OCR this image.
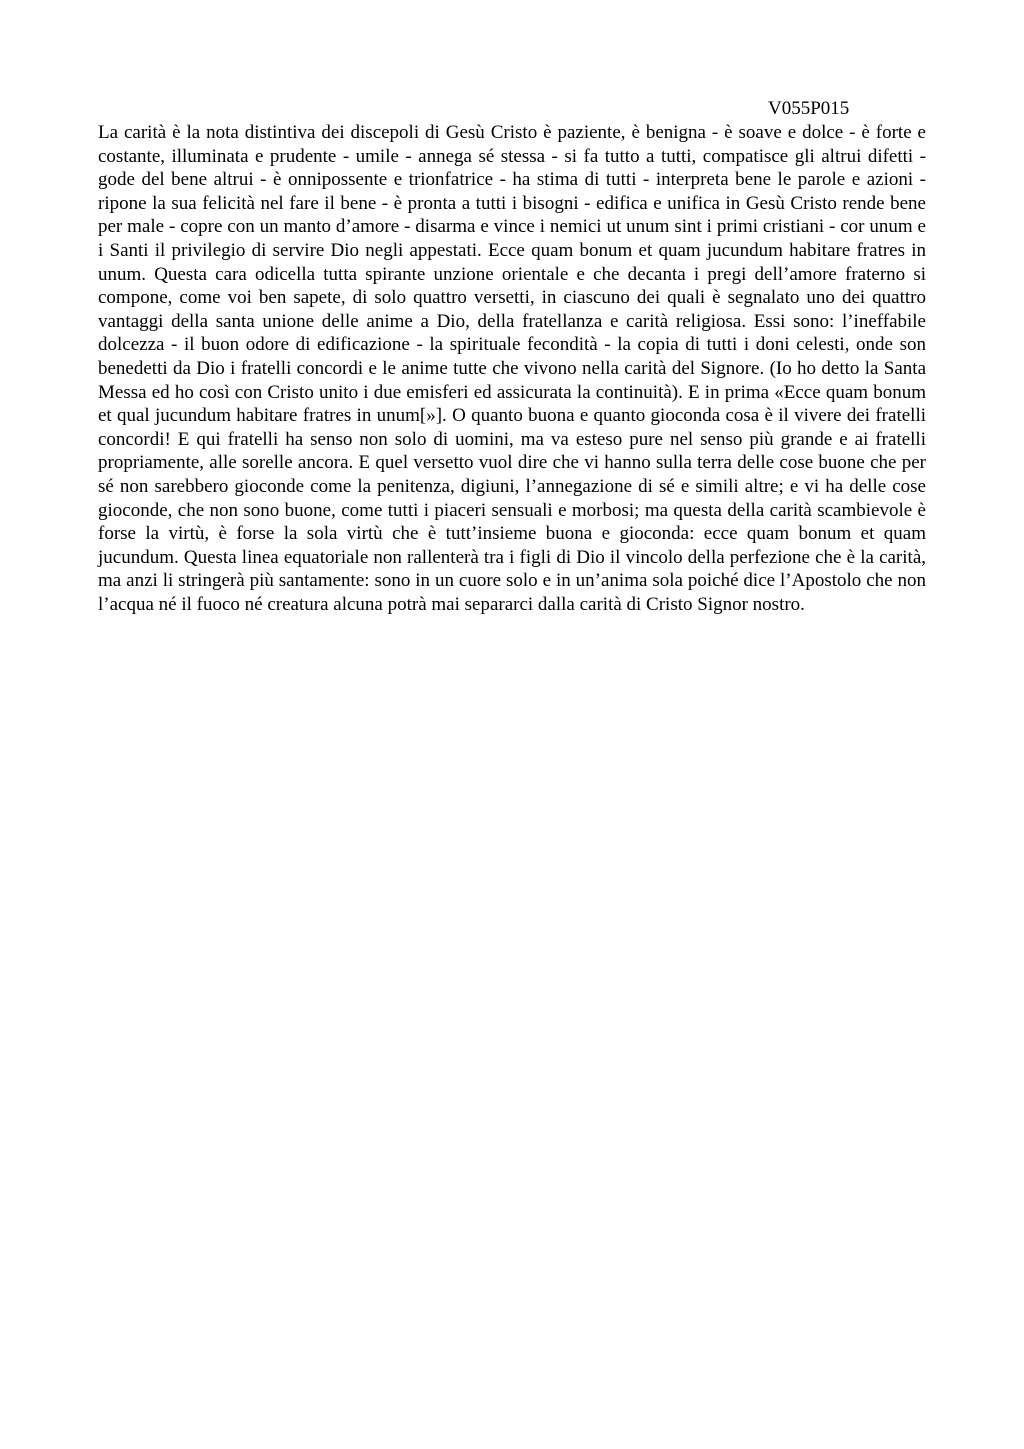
V055P015

La carità è la nota distintiva dei discepoli di Gesù Cristo è paziente, è benigna - è soave e dolce - è forte e costante, illuminata e prudente - umile - annega sé stessa - si fa tutto a tutti, compatisce gli altrui difetti - gode del bene altrui - è onnipossente e trionfatrice - ha stima di tutti - interpreta bene le parole e azioni - ripone la sua felicità nel fare il bene - è pronta a tutti i bisogni - edifica e unifica in Gesù Cristo rende bene per male - copre con un manto d’amore - disarma e vince i nemici ut unum sint i primi cristiani - cor unum e i Santi il privilegio di servire Dio negli appestati. Ecce quam bonum et quam jucundum habitare fratres in unum. Questa cara odicella tutta spirante unzione orientale e che decanta i pregi dell’amore fraterno si compone, come voi ben sapete, di solo quattro versetti, in ciascuno dei quali è segnalato uno dei quattro vantaggi della santa unione delle anime a Dio, della fratellanza e carità religiosa. Essi sono: l’ineffabile dolcezza - il buon odore di edificazione - la spirituale fecondità - la copia di tutti i doni celesti, onde son benedetti da Dio i fratelli concordi e le anime tutte che vivono nella carità del Signore. (Io ho detto la Santa Messa ed ho così con Cristo unito i due emisferi ed assicurata la continuità). E in prima «Ecce quam bonum et qual jucundum habitare fratres in unum[»]. O quanto buona e quanto gioconda cosa è il vivere dei fratelli concordi! E qui fratelli ha senso non solo di uomini, ma va esteso pure nel senso più grande e ai fratelli propriamente, alle sorelle ancora. E quel versetto vuol dire che vi hanno sulla terra delle cose buone che per sé non sarebbero gioconde come la penitenza, digiuni, l’annegazione di sé e simili altre; e vi ha delle cose gioconde, che non sono buone, come tutti i piaceri sensuali e morbosi; ma questa della carità scambievole è forse la virtù, è forse la sola virtù che è tutt’insieme buona e gioconda: ecce quam bonum et quam jucundum. Questa linea equatoriale non rallenterà tra i figli di Dio il vincolo della perfezione che è la carità, ma anzi li stringerà più santamente: sono in un cuore solo e in un’anima sola poiché dice l’Apostolo che non l’acqua né il fuoco né creatura alcuna potrà mai separarci dalla carità di Cristo Signor nostro.
